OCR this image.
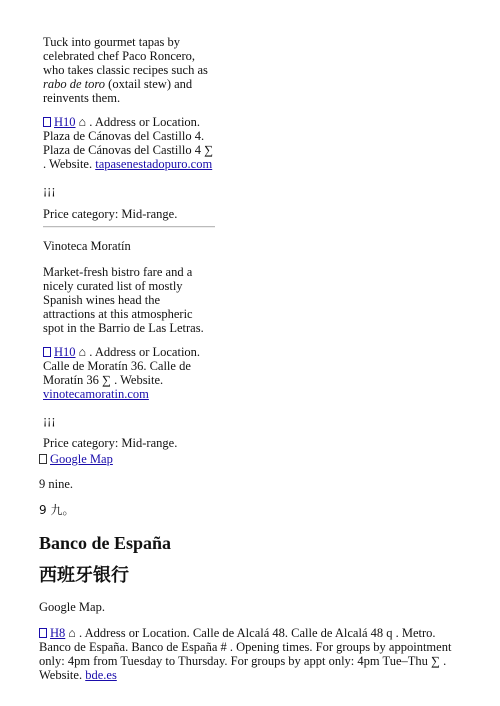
Tuck into gourmet tapas by celebrated chef Paco Roncero, who takes classic recipes such as rabo de toro (oxtail stew) and reinvents them.

H10 ⌂ . Address or Location. Plaza de Cánovas del Castillo 4. Plaza de Cánovas del Castillo 4 ∑ . Website. tapasenestadopuro.com

¡¡¡

Price category: Mid-range.

Vinoteca Moratín

Market-fresh bistro fare and a nicely curated list of mostly Spanish wines head the attractions at this atmospheric spot in the Barrio de Las Letras.

H10 ⌂ . Address or Location. Calle de Moratín 36. Calle de Moratín 36 ∑ . Website. vinotecamoratin.com

¡¡¡

Price category: Mid-range.

Google Map

9 nine.

9 九。

Banco de España
西班牙银行

Google Map.

H8 ⌂ . Address or Location. Calle de Alcalá 48. Calle de Alcalá 48 q . Metro. Banco de España. Banco de España # . Opening times. For groups by appointment only: 4pm from Tuesday to Thursday. For groups by appt only: 4pm Tue–Thu ∑ . Website. bde.es
